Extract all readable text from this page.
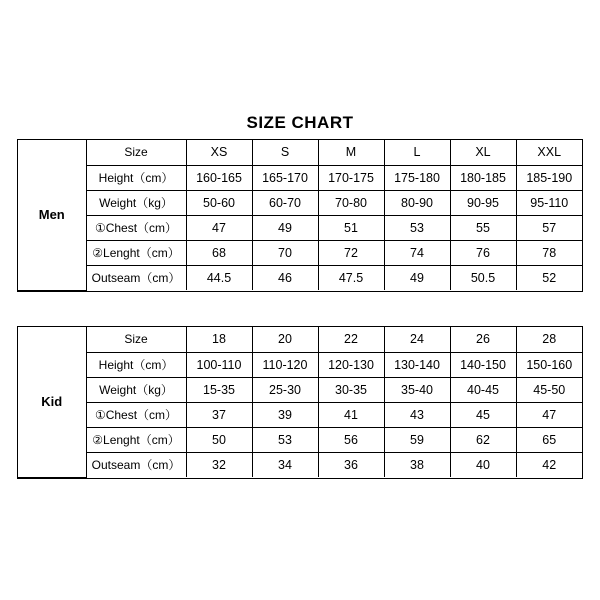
SIZE CHART
Men	Size	XS	S	M	L	XL	XXL
	Height（cm）	160-165	165-170	170-175	175-180	180-185	185-190
	Weight（kg）	50-60	60-70	70-80	80-90	90-95	95-110
	①Chest（cm）	47	49	51	53	55	57
	②Lenght（cm）	68	70	72	74	76	78
	Outseam（cm）	44.5	46	47.5	49	50.5	52
Kid	Size	18	20	22	24	26	28
	Height（cm）	100-110	110-120	120-130	130-140	140-150	150-160
	Weight（kg）	15-35	25-30	30-35	35-40	40-45	45-50
	①Chest（cm）	37	39	41	43	45	47
	②Lenght（cm）	50	53	56	59	62	65
	Outseam（cm）	32	34	36	38	40	42
